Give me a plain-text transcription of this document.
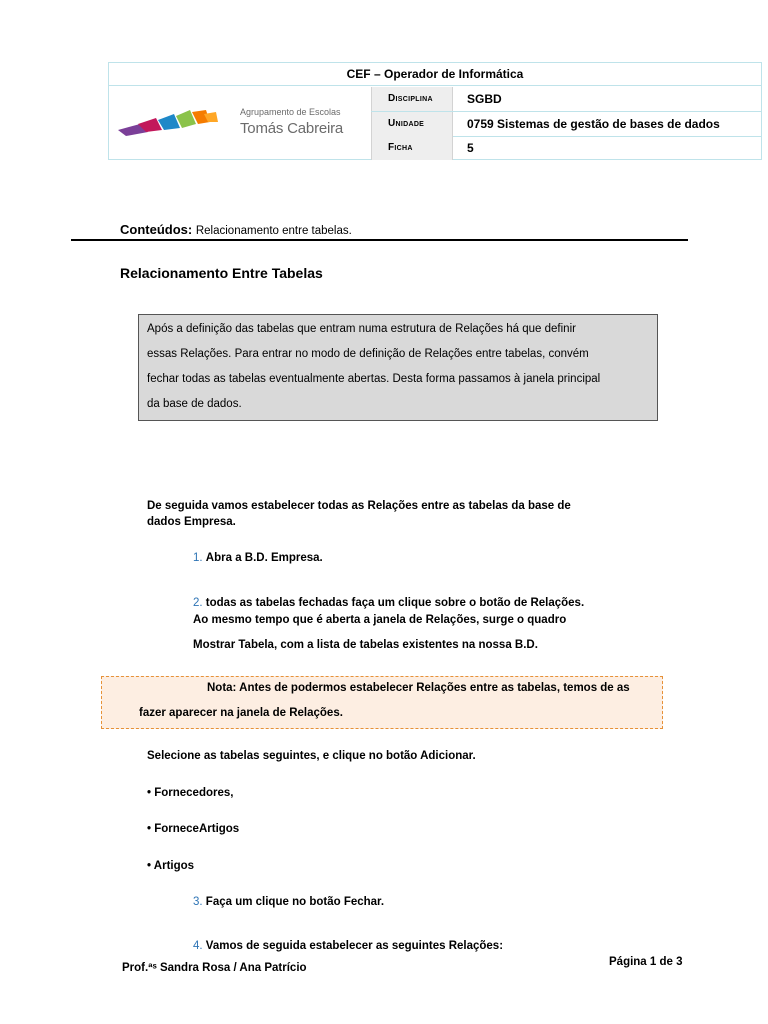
CEF – Operador de Informática
Disciplina	SGBD
Unidade	0759 Sistemas de gestão de bases de dados
Ficha	5
Agrupamento de Escolas
Tomás Cabreira
Conteúdos: Relacionamento entre tabelas.
Relacionamento Entre Tabelas

Após a definição das tabelas que entram numa estrutura de Relações há que definir

essas Relações. Para entrar no modo de definição de Relações entre tabelas, convém

fechar todas as tabelas eventualmente abertas. Desta forma passamos à janela principal

da base de dados.

De seguida vamos estabelecer todas as Relações entre as tabelas da base de
dados Empresa.
1. Abra a B.D. Empresa.
2. todas as tabelas fechadas faça um clique sobre o botão de Relações.
Ao mesmo tempo que é aberta a janela de Relações, surge o quadro
Mostrar Tabela, com a lista de tabelas existentes na nossa B.D.
Nota: Antes de podermos estabelecer Relações entre as tabelas, temos de as
fazer aparecer na janela de Relações.
Selecione as tabelas seguintes, e clique no botão Adicionar.
• Fornecedores,
• ForneceArtigos
• Artigos
3. Faça um clique no botão Fechar.
4. Vamos de seguida estabelecer as seguintes Relações:
Prof.ªˢ Sandra Rosa / Ana Patrício	Página 1 de 3
